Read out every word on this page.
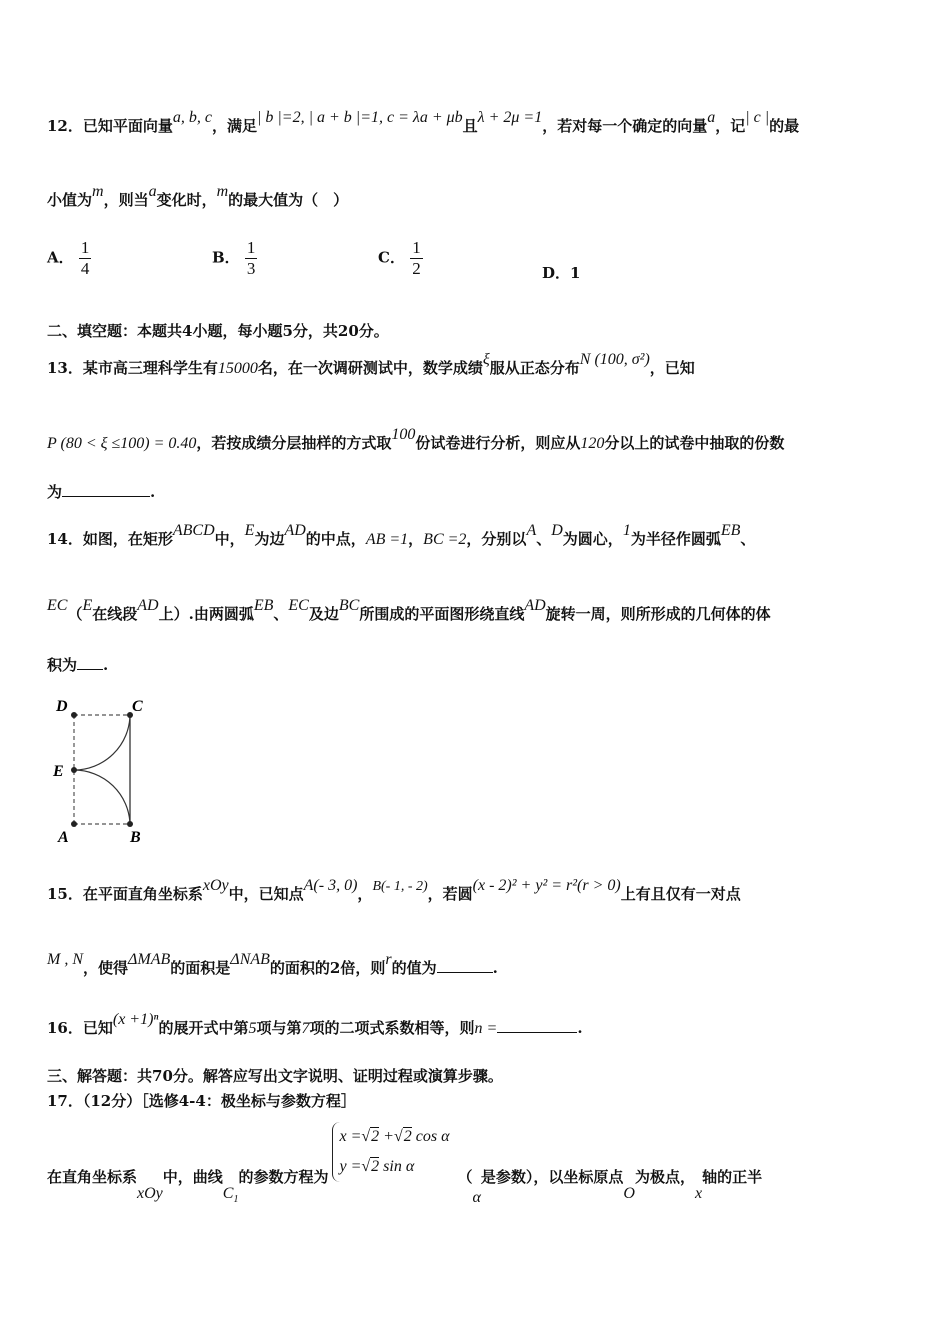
12．已知平面向量a, b, c，满足| b |=2, | a + b |=1, c = λa + μb且λ + 2μ =1，若对每一个确定的向量a，记| c |的最
小值为m，则当a变化时，m的最大值为（　）
A． $\frac{1}{4}$	B． $\frac{1}{3}$	C． $\frac{1}{2}$	D．1
二、填空题：本题共4小题，每小题5分，共20分。
13．某市高三理科学生有15000名，在一次调研测试中，数学成绩ξ服从正态分布N (100, σ²)，已知
P (80 < ξ ≤100) = 0.40，若按成绩分层抽样的方式取100份试卷进行分析，则应从120分以上的试卷中抽取的份数
为	.
14．如图，在矩形ABCD中，E为边AD的中点，AB =1，BC =2，分别以A、D为圆心，1为半径作圆弧EB、
EC（E在线段AD上）.由两圆弧EB、EC及边BC所围成的平面图形绕直线AD旋转一周，则所形成的几何体的体
积为 .
D	C
E
A	B
15．在平面直角坐标系xOy中，已知点A(- 3, 0)，B(- 1, - 2)，若圆(x - 2)² + y² = r²(r > 0)上有且仅有一对点
M , N，使得ΔMAB的面积是ΔNAB的面积的2倍，则r的值为	.
16．已知(x +1)ⁿ的展开式中第5项与第7项的二项式系数相等，则n =	.
三、解答题：共70分。解答应写出文字说明、证明过程或演算步骤。
17．（12分）［选修4-4：极坐标与参数方程］
在直角坐标系xOy中，曲线$C_1$的参数方程为
x =√2 +√2 cos α
y =√2 sin α
（α是参数），以坐标原点O为极点，x轴的正半
